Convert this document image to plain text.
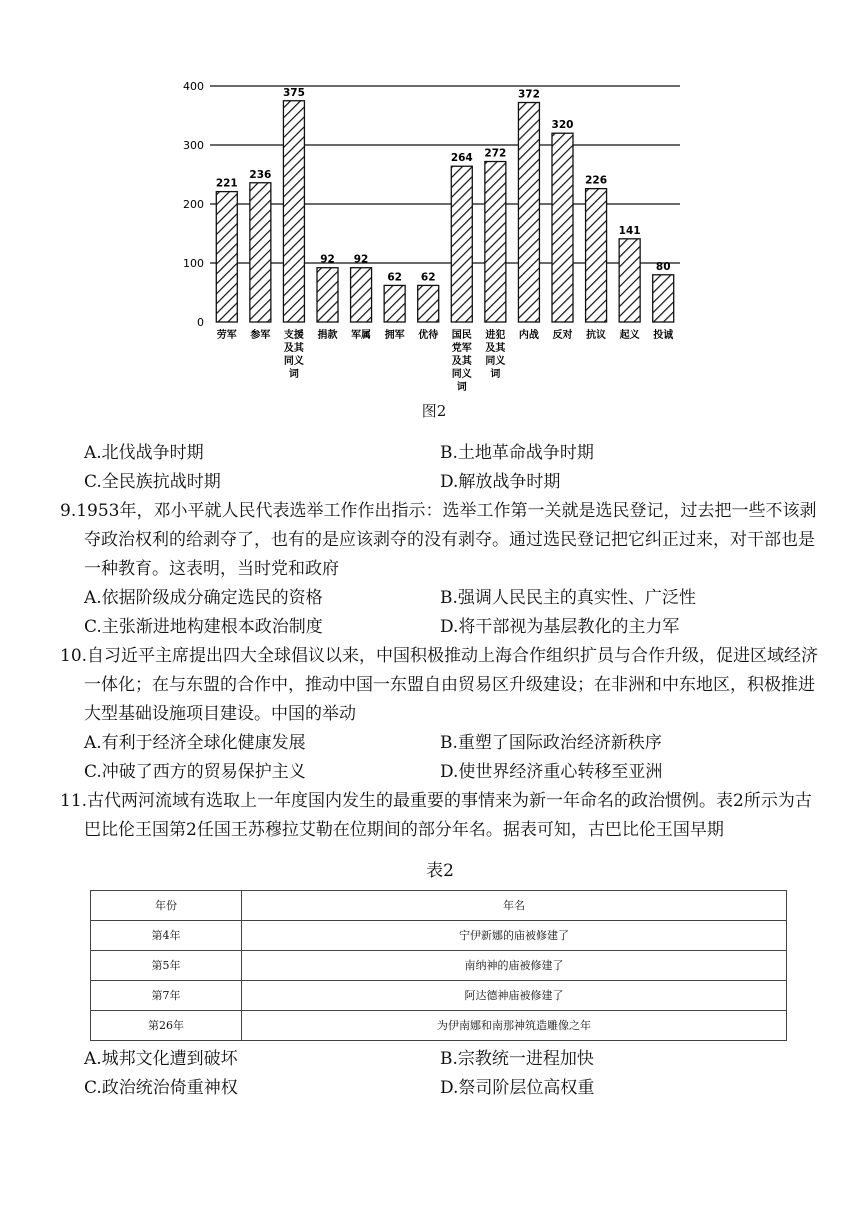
0
100
200
300
400
221
劳军
236
参军
375
支援及其同义词
92
捐款
92
军属
62
拥军
62
优待
264
国民党军及其同义词
272
进犯及其同义词
372
内战
320
反对
226
抗议
141
起义
80
投诚
图2
A.北伐战争时期	B.土地革命战争时期
C.全民族抗战时期	D.解放战争时期

9.1953年，邓小平就人民代表选举工作作出指示：选举工作第一关就是选民登记，过去把一些不该剥夺政治权利的给剥夺了，也有的是应该剥夺的没有剥夺。通过选民登记把它纠正过来，对干部也是一种教育。这表明，当时党和政府

A.依据阶级成分确定选民的资格	B.强调人民民主的真实性、广泛性
C.主张渐进地构建根本政治制度	D.将干部视为基层教化的主力军

10.自习近平主席提出四大全球倡议以来，中国积极推动上海合作组织扩员与合作升级，促进区域经济一体化；在与东盟的合作中，推动中国一东盟自由贸易区升级建设；在非洲和中东地区，积极推进大型基础设施项目建设。中国的举动

A.有利于经济全球化健康发展	B.重塑了国际政治经济新秩序
C.冲破了西方的贸易保护主义	D.使世界经济重心转移至亚洲

11.古代两河流域有选取上一年度国内发生的最重要的事情来为新一年命名的政治惯例。表2所示为古巴比伦王国第2任国王苏穆拉艾勒在位期间的部分年名。据表可知，古巴比伦王国早期

表2
年份	年名
第4年	宁伊新娜的庙被修建了
第5年	南纳神的庙被修建了
第7年	阿达德神庙被修建了
第26年	为伊南娜和南那神筑造雕像之年
A.城邦文化遭到破坏	B.宗教统一进程加快
C.政治统治倚重神权	D.祭司阶层位高权重
